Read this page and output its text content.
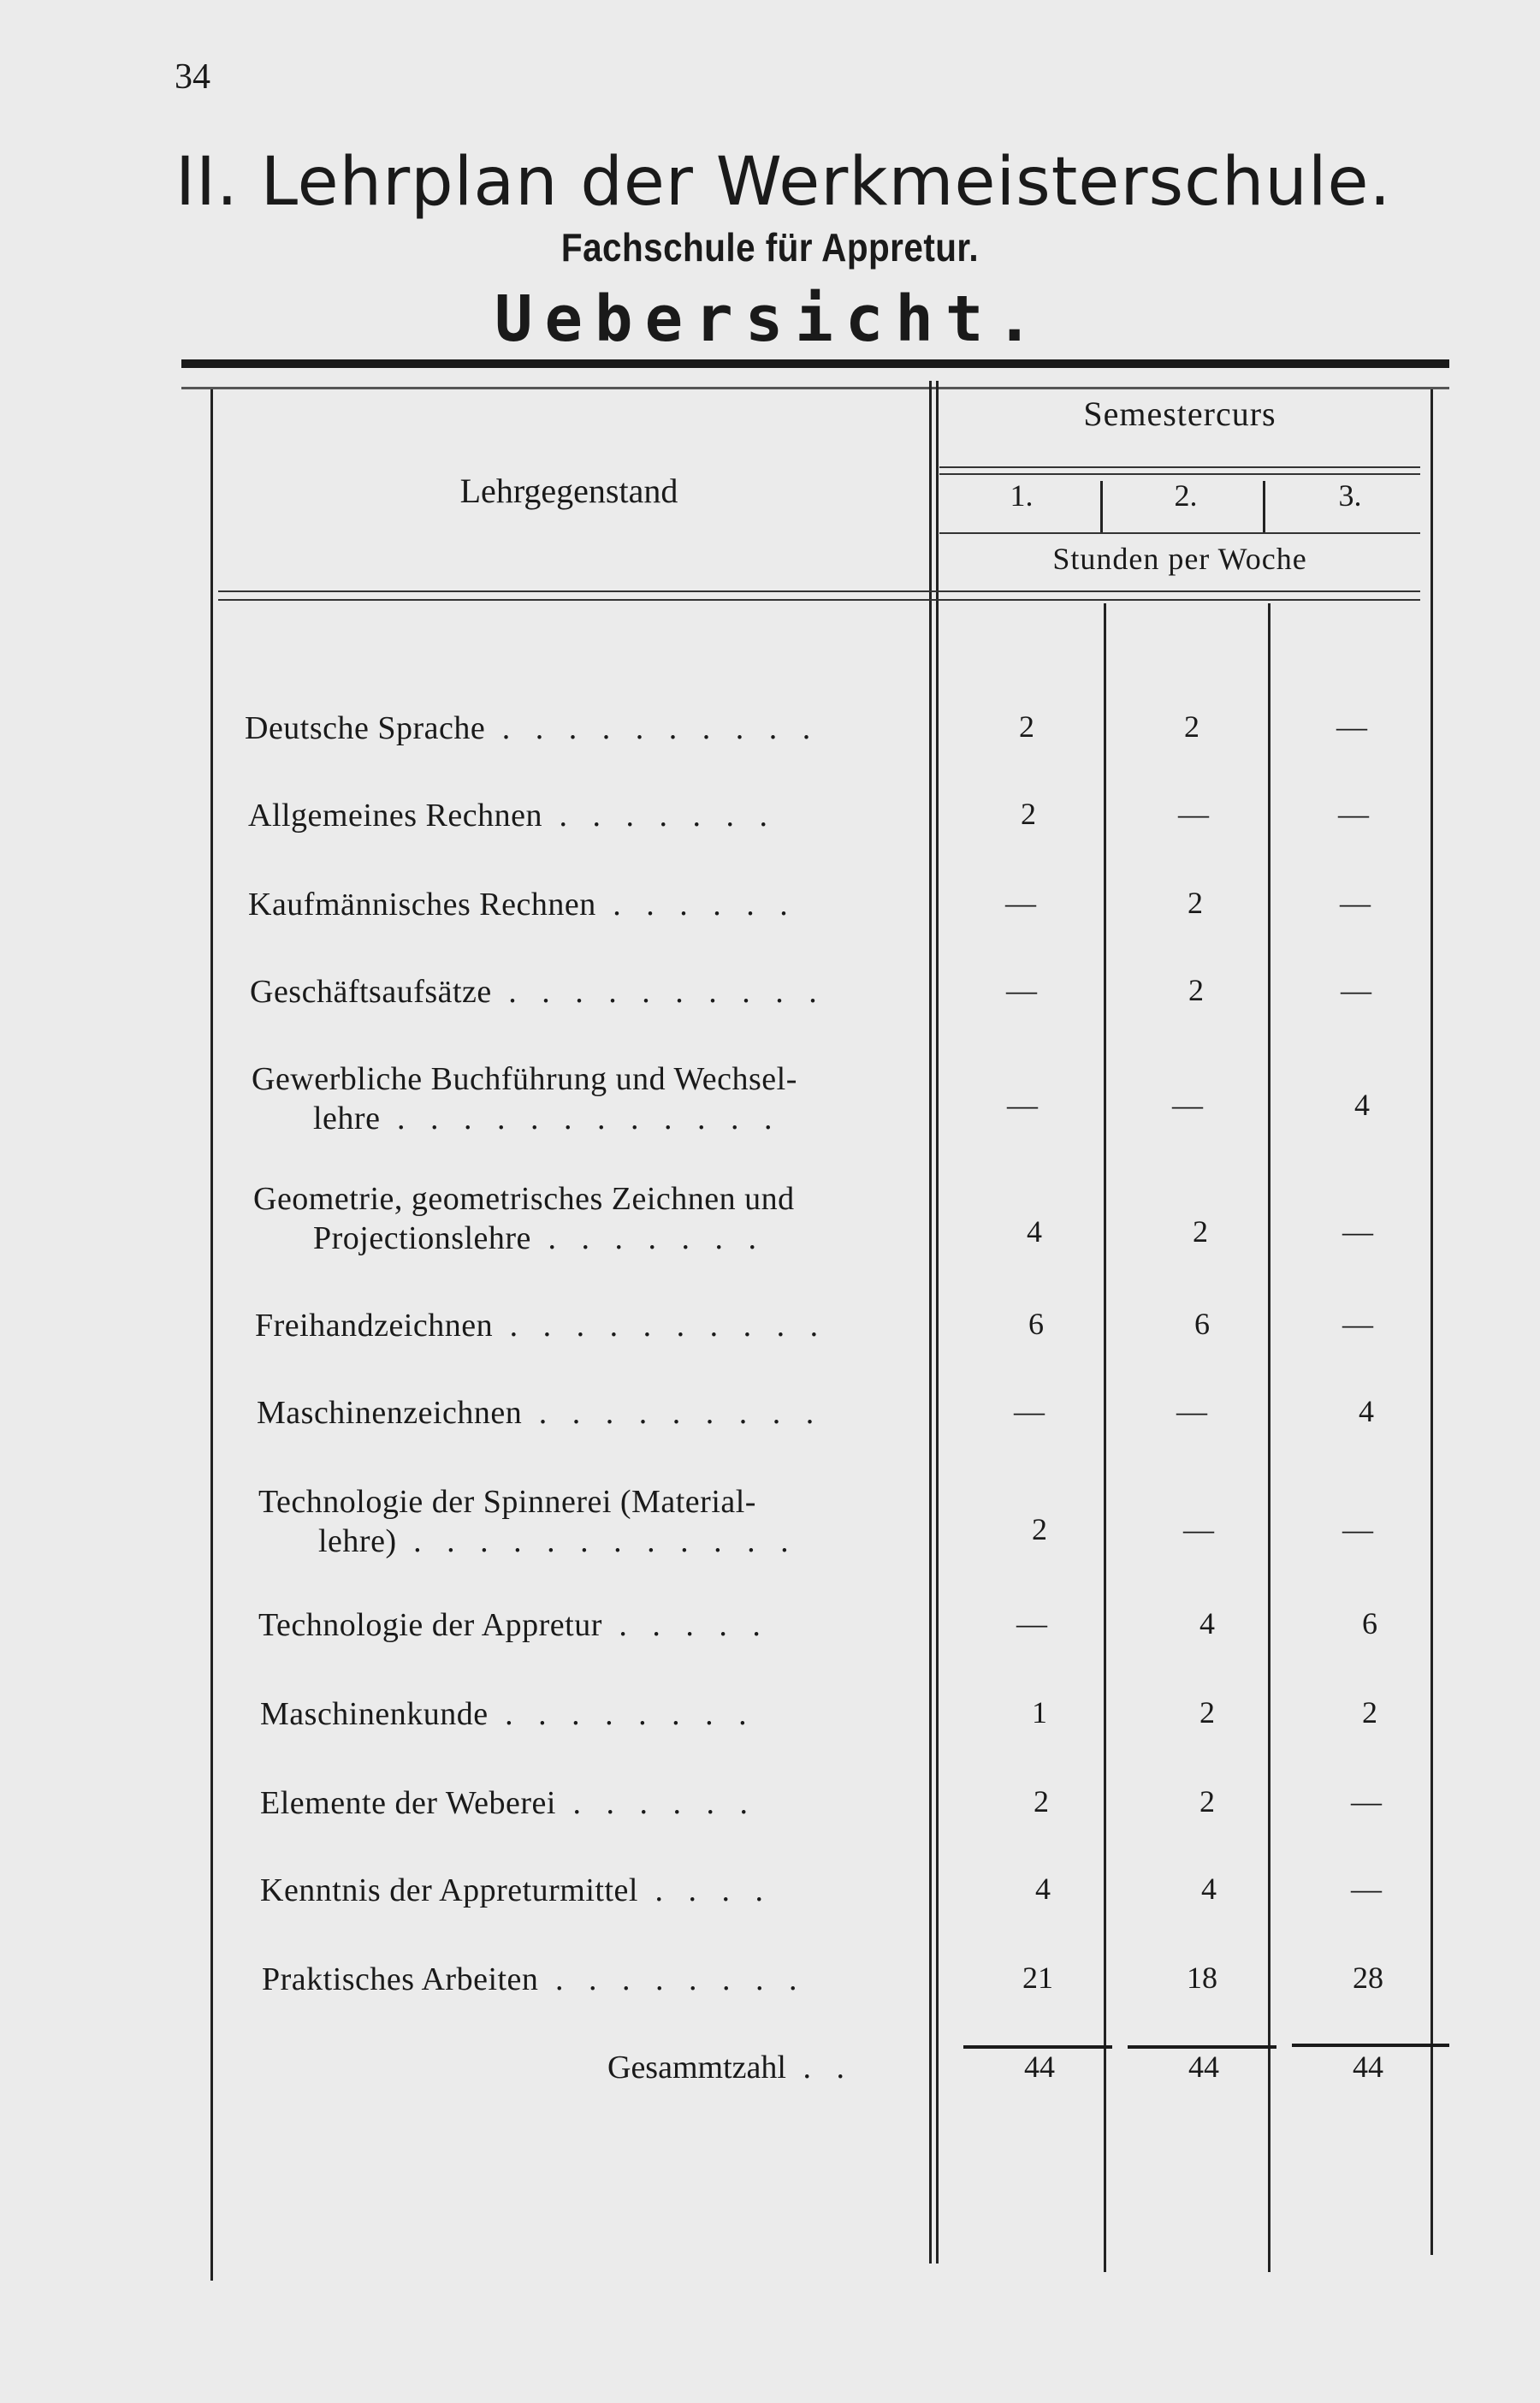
34
II. Lehrplan der Werkmeisterschule.
Fachschule für Appretur.
Uebersicht.
Lehrgegenstand
Semestercurs
1.	2.	3.
Stunden per Woche
Deutsche Sprache . . . . . . . . . .	2	2	—
Allgemeines Rechnen . . . . . . .	2	—	—
Kaufmännisches Rechnen . . . . . .	—	2	—
Geschäftsaufsätze . . . . . . . . . .	—	2	—
Gewerbliche Buchführung und Wechsel-
lehre . . . . . . . . . . . .	—	—	4
Geometrie, geometrisches Zeichnen und
Projectionslehre . . . . . . .	4	2	—
Freihandzeichnen . . . . . . . . . .	6	6	—
Maschinenzeichnen . . . . . . . . .	—	—	4
Technologie der Spinnerei (Material-
lehre) . . . . . . . . . . . .	2	—	—
Technologie der Appretur . . . . .	—	4	6
Maschinenkunde . . . . . . . .	1	2	2
Elemente der Weberei . . . . . .	2	2	—
Kenntnis der Appreturmittel . . . .	4	4	—
Praktisches Arbeiten . . . . . . . .	21	18	28
Gesammtzahl . .	44	44	44
